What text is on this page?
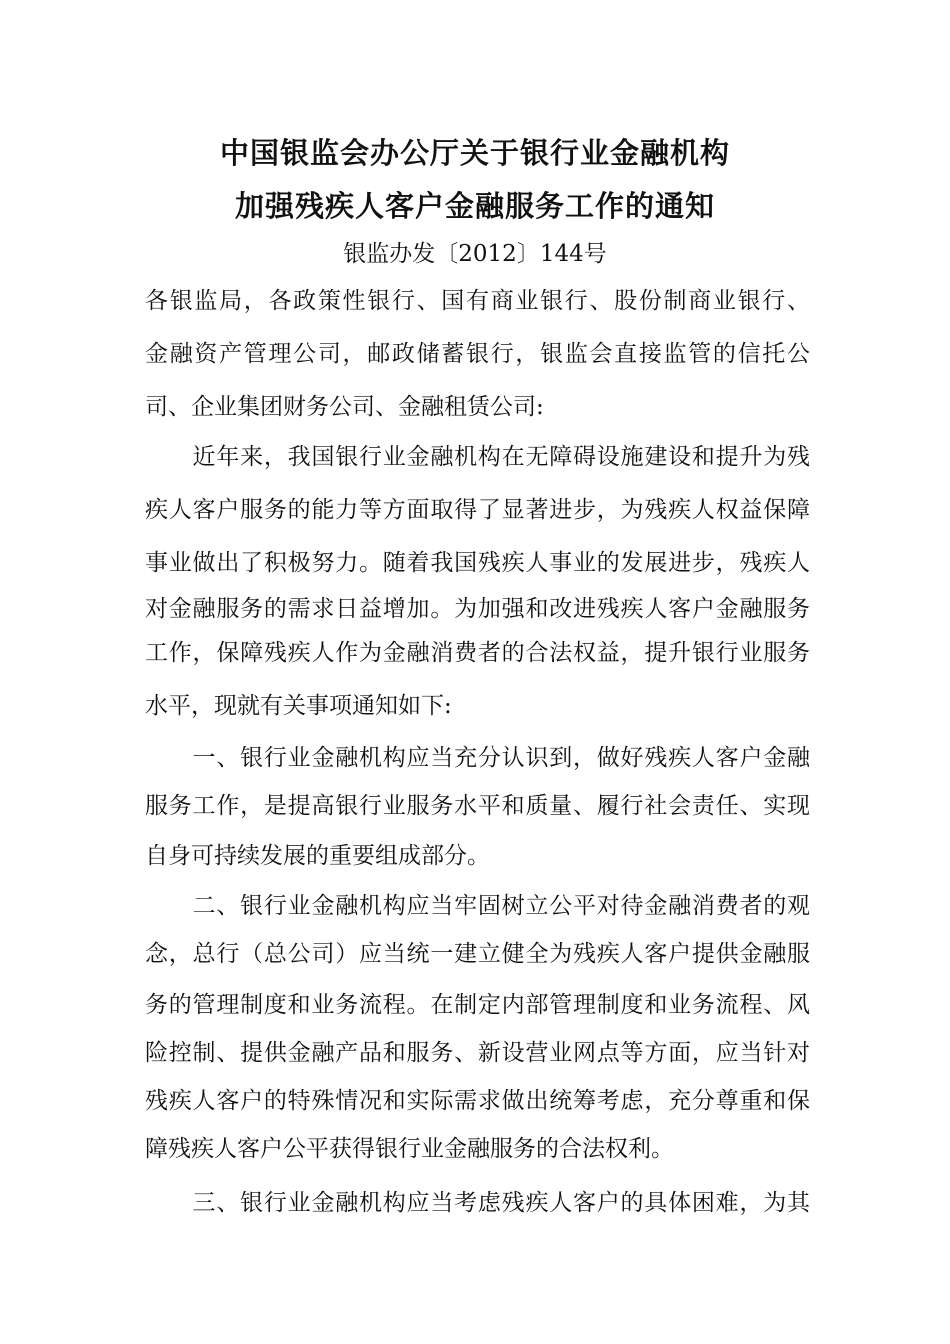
中国银监会办公厅关于银行业金融机构
加强残疾人客户金融服务工作的通知
银监办发〔2012〕144号
各银监局，各政策性银行、国有商业银行、股份制商业银行、
金融资产管理公司，邮政储蓄银行，银监会直接监管的信托公
司、企业集团财务公司、金融租赁公司:
　　近年来，我国银行业金融机构在无障碍设施建设和提升为残
疾人客户服务的能力等方面取得了显著进步，为残疾人权益保障
事业做出了积极努力。随着我国残疾人事业的发展进步，残疾人
对金融服务的需求日益增加。为加强和改进残疾人客户金融服务
工作，保障残疾人作为金融消费者的合法权益，提升银行业服务
水平，现就有关事项通知如下:
　　一、银行业金融机构应当充分认识到，做好残疾人客户金融
服务工作，是提高银行业服务水平和质量、履行社会责任、实现
自身可持续发展的重要组成部分。
　　二、银行业金融机构应当牢固树立公平对待金融消费者的观
念，总行（总公司）应当统一建立健全为残疾人客户提供金融服
务的管理制度和业务流程。在制定内部管理制度和业务流程、风
险控制、提供金融产品和服务、新设营业网点等方面，应当针对
残疾人客户的特殊情况和实际需求做出统筹考虑，充分尊重和保
障残疾人客户公平获得银行业金融服务的合法权利。
　　三、银行业金融机构应当考虑残疾人客户的具体困难，为其
